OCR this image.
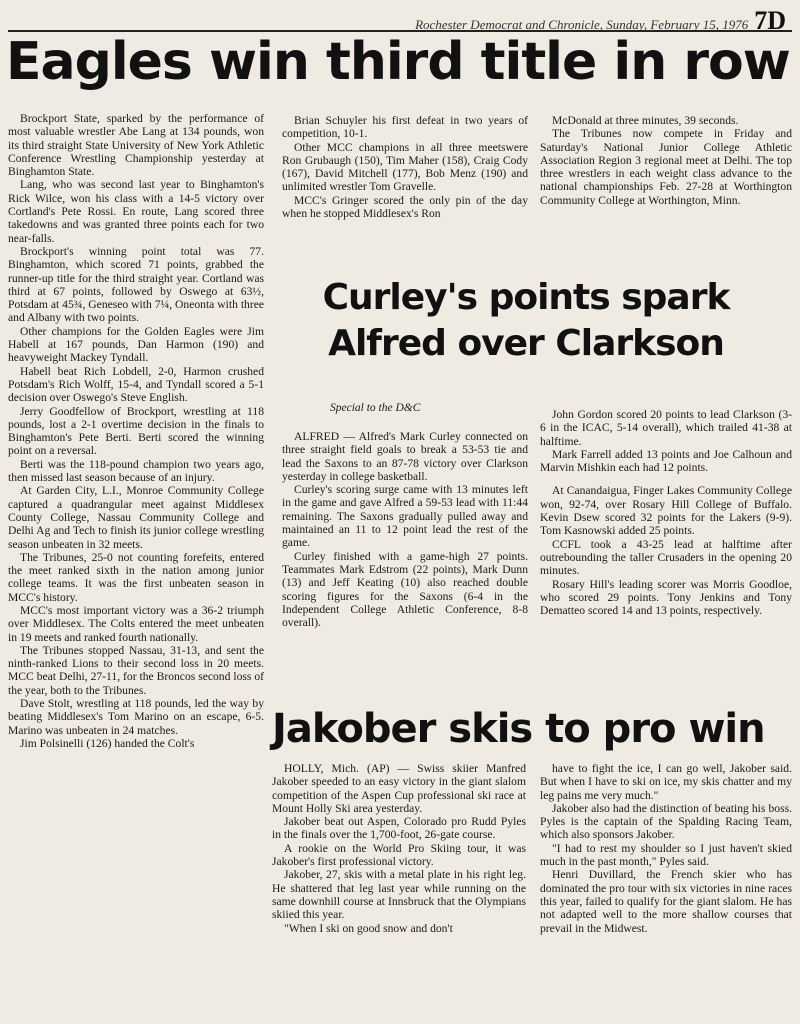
Rochester Democrat and Chronicle, Sunday, February 15, 1976 7D
Eagles win third title in row

Brockport State, sparked by the performance of most valuable wrestler Abe Lang at 134 pounds, won its third straight State University of New York Athletic Conference Wrestling Championship yesterday at Binghamton State.

Lang, who was second last year to Binghamton's Rick Wilce, won his class with a 14-5 victory over Cortland's Pete Rossi. En route, Lang scored three takedowns and was granted three points each for two near-falls.

Brockport's winning point total was 77. Binghamton, which scored 71 points, grabbed the runner-up title for the third straight year. Cortland was third at 67 points, followed by Oswego at 63½, Potsdam at 45¾, Geneseo with 7¼, Oneonta with three and Albany with two points.

Other champions for the Golden Eagles were Jim Habell at 167 pounds, Dan Harmon (190) and heavyweight Mackey Tyndall.

Habell beat Rich Lobdell, 2-0, Harmon crushed Potsdam's Rich Wolff, 15-4, and Tyndall scored a 5-1 decision over Oswego's Steve English.

Jerry Goodfellow of Brockport, wrestling at 118 pounds, lost a 2-1 overtime decision in the finals to Binghamton's Pete Berti. Berti scored the winning point on a reversal.

Berti was the 118-pound champion two years ago, then missed last season because of an injury.

At Garden City, L.I., Monroe Community College captured a quadrangular meet against Middlesex County College, Nassau Community College and Delhi Ag and Tech to finish its junior college wrestling season unbeaten in 32 meets.

The Tribunes, 25-0 not counting forefeits, entered the meet ranked sixth in the nation among junior college teams. It was the first unbeaten season in MCC's history.

MCC's most important victory was a 36-2 triumph over Middlesex. The Colts entered the meet unbeaten in 19 meets and ranked fourth nationally.

The Tribunes stopped Nassau, 31-13, and sent the ninth-ranked Lions to their second loss in 20 meets. MCC beat Delhi, 27-11, for the Broncos second loss of the year, both to the Tribunes.

Dave Stolt, wrestling at 118 pounds, led the way by beating Middlesex's Tom Marino on an escape, 6-5. Marino was unbeaten in 24 matches.

Jim Polsinelli (126) handed the Colt's

Brian Schuyler his first defeat in two years of competition, 10-1.

Other MCC champions in all three meetswere Ron Grubaugh (150), Tim Maher (158), Craig Cody (167), David Mitchell (177), Bob Menz (190) and unlimited wrestler Tom Gravelle.

MCC's Gringer scored the only pin of the day when he stopped Middlesex's Ron

McDonald at three minutes, 39 seconds.

The Tribunes now compete in Friday and Saturday's National Junior College Athletic Association Region 3 regional meet at Delhi. The top three wrestlers in each weight class advance to the national championships Feb. 27-28 at Worthington Community College at Worthington, Minn.

Curley's points spark Alfred over Clarkson
Special to the D&C

ALFRED — Alfred's Mark Curley connected on three straight field goals to break a 53-53 tie and lead the Saxons to an 87-78 victory over Clarkson yesterday in college basketball.

Curley's scoring surge came with 13 minutes left in the game and gave Alfred a 59-53 lead with 11:44 remaining. The Saxons gradually pulled away and maintained an 11 to 12 point lead the rest of the game.

Curley finished with a game-high 27 points. Teammates Mark Edstrom (22 points), Mark Dunn (13) and Jeff Keating (10) also reached double scoring figures for the Saxons (6-4 in the Independent College Athletic Conference, 8-8 overall).

John Gordon scored 20 points to lead Clarkson (3-6 in the ICAC, 5-14 overall), which trailed 41-38 at halftime.

Mark Farrell added 13 points and Joe Calhoun and Marvin Mishkin each had 12 points.

At Canandaigua, Finger Lakes Community College won, 92-74, over Rosary Hill College of Buffalo. Kevin Dsew scored 32 points for the Lakers (9-9). Tom Kasnowski added 25 points.

CCFL took a 43-25 lead at halftime after outrebounding the taller Crusaders in the opening 20 minutes.

Rosary Hill's leading scorer was Morris Goodloe, who scored 29 points. Tony Jenkins and Tony Dematteo scored 14 and 13 points, respectively.

Jakober skis to pro win

HOLLY, Mich. (AP) — Swiss skiier Manfred Jakober speeded to an easy victory in the giant slalom competition of the Aspen Cup professional ski race at Mount Holly Ski area yesterday.

Jakober beat out Aspen, Colorado pro Rudd Pyles in the finals over the 1,700-foot, 26-gate course.

A rookie on the World Pro Skiing tour, it was Jakober's first professional victory.

Jakober, 27, skis with a metal plate in his right leg. He shattered that leg last year while running on the same downhill course at Innsbruck that the Olympians skiied this year.

"When I ski on good snow and don't

have to fight the ice, I can go well, Jakober said. But when I have to ski on ice, my skis chatter and my leg pains me very much."

Jakober also had the distinction of beating his boss. Pyles is the captain of the Spalding Racing Team, which also sponsors Jakober.

"I had to rest my shoulder so I just haven't skied much in the past month," Pyles said.

Henri Duvillard, the French skier who has dominated the pro tour with six victories in nine races this year, failed to qualify for the giant slalom. He has not adapted well to the more shallow courses that prevail in the Midwest.
